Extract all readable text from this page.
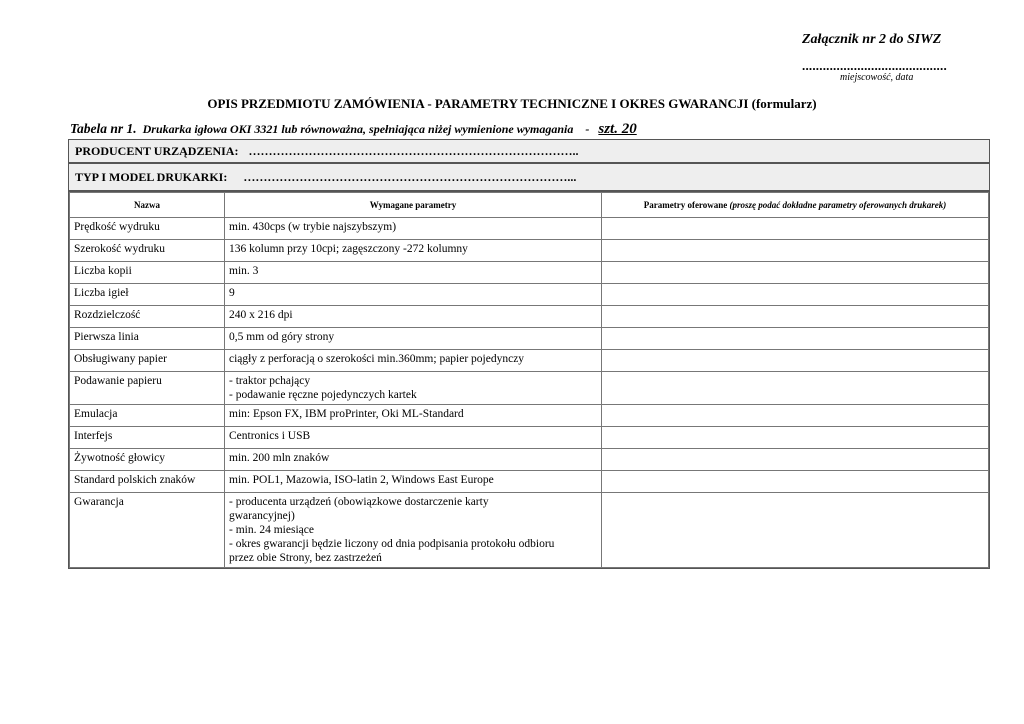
Załącznik nr 2 do SIWZ
..........................................
miejscowość, data
OPIS PRZEDMIOTU ZAMÓWIENIA - PARAMETRY TECHNICZNE I OKRES GWARANCJI (formularz)
Tabela nr 1. Drukarka igłowa OKI 3321 lub równoważna, spełniająca niżej wymienione wymagania - szt. 20
PRODUCENT URZĄDZENIA: ………………………………………………………………………..
TYP I MODEL DRUKARKI: ………………………………………………………………………...
Nazwa	Wymagane parametry	Parametry oferowane (proszę podać dokładne parametry oferowanych drukarek)
Prędkość wydruku	min. 430cps (w trybie najszybszym)	
Szerokość wydruku	136 kolumn przy 10cpi; zagęszczony -272 kolumny	
Liczba kopii	min. 3	
Liczba igieł	9	
Rozdzielczość	240 x 216 dpi	
Pierwsza linia	0,5 mm od góry strony	
Obsługiwany papier	ciągły z perforacją o szerokości min.360mm; papier pojedynczy	
Podawanie papieru	- traktor pchający
- podawanie ręczne pojedynczych kartek	
Emulacja	min: Epson FX, IBM proPrinter, Oki ML-Standard	
Interfejs	Centronics i USB	
Żywotność głowicy	min. 200 mln znaków	
Standard polskich znaków	min. POL1, Mazowia, ISO-latin 2, Windows East Europe	
Gwarancja	- producenta urządzeń (obowiązkowe dostarczenie karty
gwarancyjnej)
- min. 24 miesiące
- okres gwarancji będzie liczony od dnia podpisania protokołu odbioru
przez obie Strony, bez zastrzeżeń	
